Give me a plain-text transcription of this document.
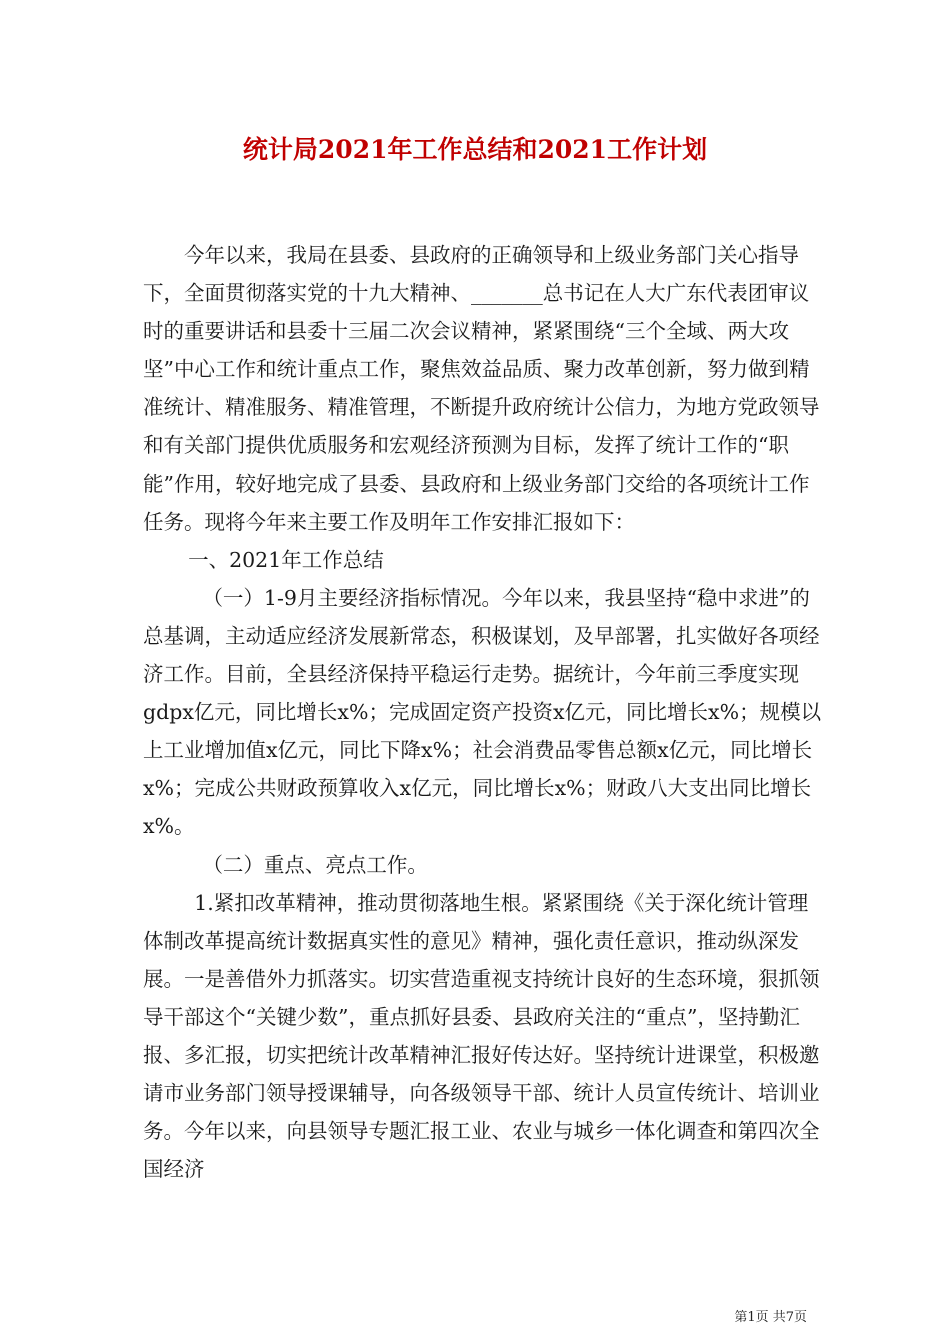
统计局2021年工作总结和2021工作计划

今年以来，我局在县委、县政府的正确领导和上级业务部门关心指导下，全面贯彻落实党的十九大精神、_______总书记在人大广东代表团审议时的重要讲话和县委十三届二次会议精神，紧紧围绕“三个全域、两大攻坚”中心工作和统计重点工作，聚焦效益品质、聚力改革创新，努力做到精准统计、精准服务、精准管理，不断提升政府统计公信力，为地方党政领导和有关部门提供优质服务和宏观经济预测为目标，发挥了统计工作的“职能”作用，较好地完成了县委、县政府和上级业务部门交给的各项统计工作任务。现将今年来主要工作及明年工作安排汇报如下：

一、2021年工作总结

（一）1-9月主要经济指标情况。今年以来，我县坚持“稳中求进”的总基调，主动适应经济发展新常态，积极谋划，及早部署，扎实做好各项经济工作。目前，全县经济保持平稳运行走势。据统计，今年前三季度实现gdpx亿元，同比增长x%；完成固定资产投资x亿元，同比增长x%；规模以上工业增加值x亿元，同比下降x%；社会消费品零售总额x亿元，同比增长x%；完成公共财政预算收入x亿元，同比增长x%；财政八大支出同比增长x%。

（二）重点、亮点工作。

1.紧扣改革精神，推动贯彻落地生根。紧紧围绕《关于深化统计管理体制改革提高统计数据真实性的意见》精神，强化责任意识，推动纵深发展。一是善借外力抓落实。切实营造重视支持统计良好的生态环境，狠抓领导干部这个“关键少数”，重点抓好县委、县政府关注的“重点”，坚持勤汇报、多汇报，切实把统计改革精神汇报好传达好。坚持统计进课堂，积极邀请市业务部门领导授课辅导，向各级领导干部、统计人员宣传统计、培训业务。今年以来，向县领导专题汇报工业、农业与城乡一体化调查和第四次全国经济

第1页 共7页
